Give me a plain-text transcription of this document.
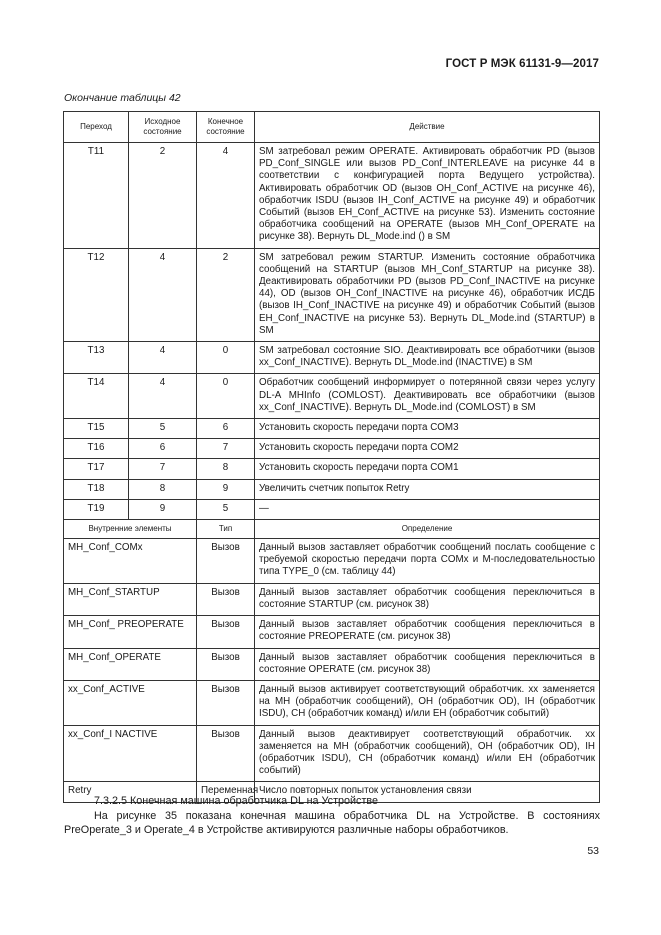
ГОСТ Р МЭК 61131-9—2017
Окончание таблицы 42
Переход	Исходное состояние	Конечное состояние	Действие
T11	2	4	SM затребовал режим OPERATE. Активировать обработчик PD (вызов PD_Conf_SINGLE или вызов PD_Conf_INTERLEAVE на рисунке 44 в соответствии с конфигурацией порта Ведущего устройства). Активировать обработчик OD (вызов OH_Conf_ACTIVE на рисунке 46), обработчик ISDU (вызов IH_Conf_ACTIVE на рисунке 49) и обработчик Событий (вызов EH_Conf_ACTIVE на рисунке 53). Изменить состояние обработчика сообщений на OPERATE (вызов MH_Conf_OPERATE на рисунке 38). Вернуть DL_Mode.ind () в SM
T12	4	2	SM затребовал режим STARTUP. Изменить состояние обработчика сообщений на STARTUP (вызов MH_Conf_STARTUP на рисунке 38). Деактивировать обработчики PD (вызов PD_Conf_INACTIVE на рисунке 44), OD (вызов OH_Conf_INACTIVE на рисунке 46), обработчик ИСДБ (вызов IH_Conf_INACTIVE на рисунке 49) и обработчик Событий (вызов EH_Conf_INACTIVE на рисунке 53). Вернуть DL_Mode.ind (STARTUP) в SM
T13	4	0	SM затребовал состояние SIO. Деактивировать все обработчики (вызов xx_Conf_INACTIVE). Вернуть DL_Mode.ind (INACTIVE) в SM
T14	4	0	Обработчик сообщений информирует о потерянной связи через услугу DL-A MHInfo (COMLOST). Деактивировать все обработчики (вызов xx_Conf_INACTIVE). Вернуть DL_Mode.ind (COMLOST) в SM
T15	5	6	Установить скорость передачи порта COM3
T16	6	7	Установить скорость передачи порта COM2
T17	7	8	Установить скорость передачи порта COM1
T18	8	9	Увеличить счетчик попыток Retry
T19	9	5	—
Внутренние элементы		Тип	Определение
MH_Conf_COMx		Вызов	Данный вызов заставляет обработчик сообщений послать сообщение с требуемой скоростью передачи порта COMx и M-последовательностью типа TYPE_0 (см. таблицу 44)
MH_Conf_STARTUP		Вызов	Данный вызов заставляет обработчик сообщения переключиться в состояние STARTUP (см. рисунок 38)
MH_Conf_ PREOPERATE		Вызов	Данный вызов заставляет обработчик сообщения переключиться в состояние PREOPERATE (см. рисунок 38)
MH_Conf_OPERATE		Вызов	Данный вызов заставляет обработчик сообщения переключиться в состояние OPERATE (см. рисунок 38)
xx_Conf_ACTIVE		Вызов	Данный вызов активирует соответствующий обработчик. xx заменяется на MH (обработчик сообщений), OH (обработчик OD), IH (обработчик ISDU), CH (обработчик команд) и/или EH (обработчик событий)
xx_Conf_I NACTIVE		Вызов	Данный вызов деактивирует соответствующий обработчик. xx заменяется на MH (обработчик сообщений), OH (обработчик OD), IH (обработчик ISDU), CH (обработчик команд) и/или EH (обработчик событий)
Retry		Переменная	Число повторных попыток установления связи
7.3.2.5 Конечная машина обработчика DL на Устройстве
На рисунке 35 показана конечная машина обработчика DL на Устройстве. В состояниях PreOperate_3 и Operate_4 в Устройстве активируются различные наборы обработчиков.
53
